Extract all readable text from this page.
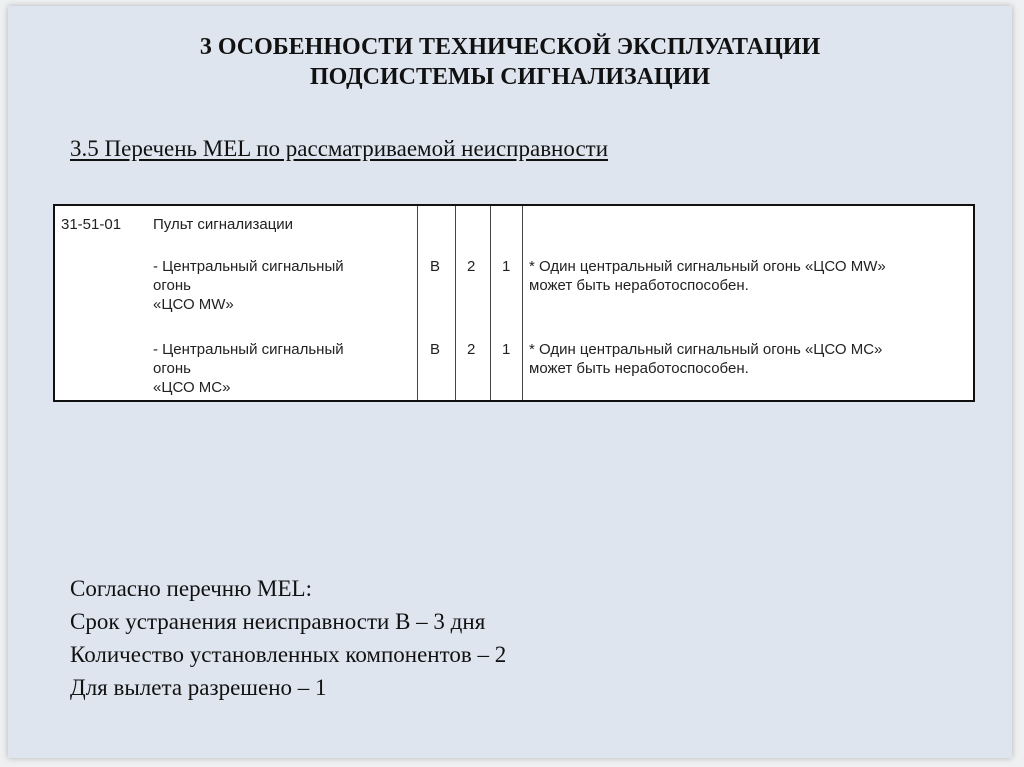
3 ОСОБЕННОСТИ ТЕХНИЧЕСКОЙ ЭКСПЛУАТАЦИИ
ПОДСИСТЕМЫ СИГНАЛИЗАЦИИ
3.5 Перечень MEL по рассматриваемой неисправности
31-51-01 Пульт сигнализации
- Центральный сигнальный
огонь
«ЦСО MW»
B 2 1 * Один центральный сигнальный огонь «ЦСО MW»
может быть неработоспособен.
- Центральный сигнальный
огонь
«ЦСО MC»
B 2 1 * Один центральный сигнальный огонь «ЦСО MC»
может быть неработоспособен.
Согласно перечню MEL:
Срок устранения неисправности В – 3 дня
Количество установленных компонентов – 2
Для вылета разрешено – 1
